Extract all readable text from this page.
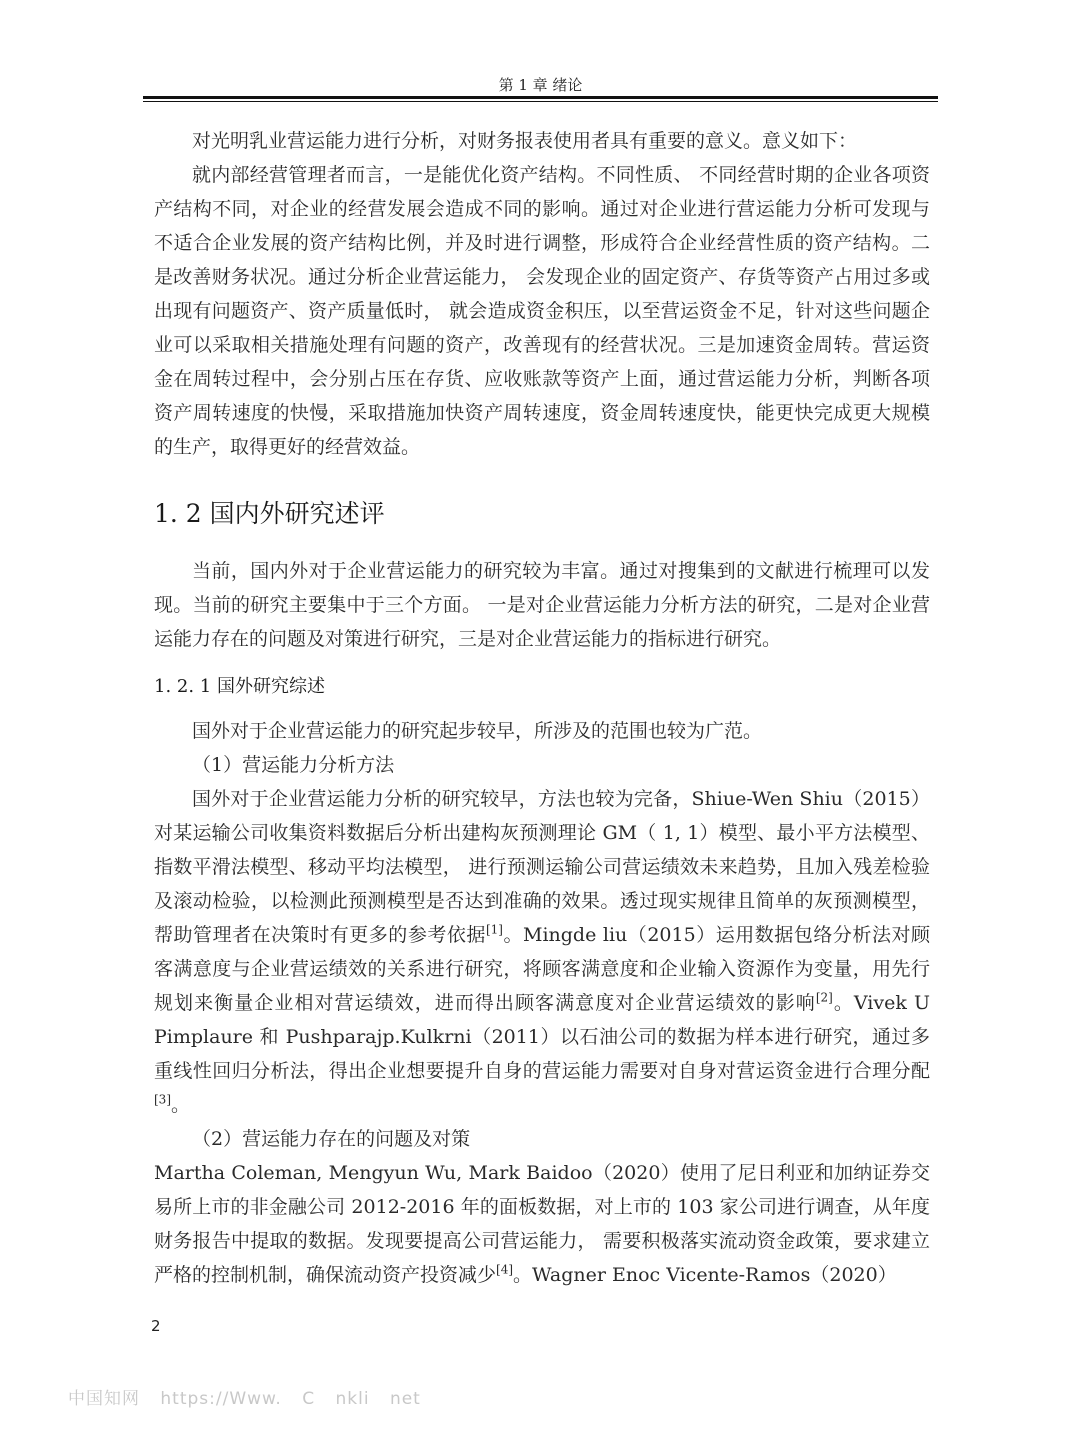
第 1 章 绪论

对光明乳业营运能力进行分析，对财务报表使用者具有重要的意义。意义如下：

就内部经营管理者而言，一是能优化资产结构。不同性质、 不同经营时期的企业各项资产结构不同，对企业的经营发展会造成不同的影响。通过对企业进行营运能力分析可发现与不适合企业发展的资产结构比例，并及时进行调整，形成符合企业经营性质的资产结构。二是改善财务状况。通过分析企业营运能力， 会发现企业的固定资产、存货等资产占用过多或出现有问题资产、资产质量低时， 就会造成资金积压，以至营运资金不足，针对这些问题企业可以采取相关措施处理有问题的资产，改善现有的经营状况。三是加速资金周转。营运资金在周转过程中，会分别占压在存货、应收账款等资产上面，通过营运能力分析，判断各项资产周转速度的快慢，采取措施加快资产周转速度，资金周转速度快，能更快完成更大规模的生产，取得更好的经营效益。

1. 2 国内外研究述评

当前，国内外对于企业营运能力的研究较为丰富。通过对搜集到的文献进行梳理可以发现。当前的研究主要集中于三个方面。 一是对企业营运能力分析方法的研究，二是对企业营运能力存在的问题及对策进行研究，三是对企业营运能力的指标进行研究。

1. 2. 1 国外研究综述

国外对于企业营运能力的研究起步较早，所涉及的范围也较为广范。

（1）营运能力分析方法

国外对于企业营运能力分析的研究较早，方法也较为完备，Shiue-Wen Shiu（2015）对某运输公司收集资料数据后分析出建构灰预测理论 GM（ 1, 1）模型、最小平方法模型、指数平滑法模型、移动平均法模型， 进行预测运输公司营运绩效未来趋势，且加入残差检验及滚动检验，以检测此预测模型是否达到准确的效果。透过现实规律且简单的灰预测模型，帮助管理者在决策时有更多的参考依据[1]。Mingde liu（2015）运用数据包络分析法对顾客满意度与企业营运绩效的关系进行研究，将顾客满意度和企业输入资源作为变量，用先行规划来衡量企业相对营运绩效，进而得出顾客满意度对企业营运绩效的影响[2]。Vivek U Pimplaure 和 Pushparajp.Kulkrni（2011）以石油公司的数据为样本进行研究，通过多重线性回归分析法，得出企业想要提升自身的营运能力需要对自身对营运资金进行合理分配[3]。

（2）营运能力存在的问题及对策

Martha Coleman, Mengyun Wu, Mark Baidoo（2020）使用了尼日利亚和加纳证券交易所上市的非金融公司 2012-2016 年的面板数据，对上市的 103 家公司进行调查，从年度财务报告中提取的数据。发现要提高公司营运能力， 需要积极落实流动资金政策，要求建立严格的控制机制，确保流动资产投资减少[4]。Wagner Enoc Vicente-Ramos（2020）

2
中国知网 https://Www. C nkli net
